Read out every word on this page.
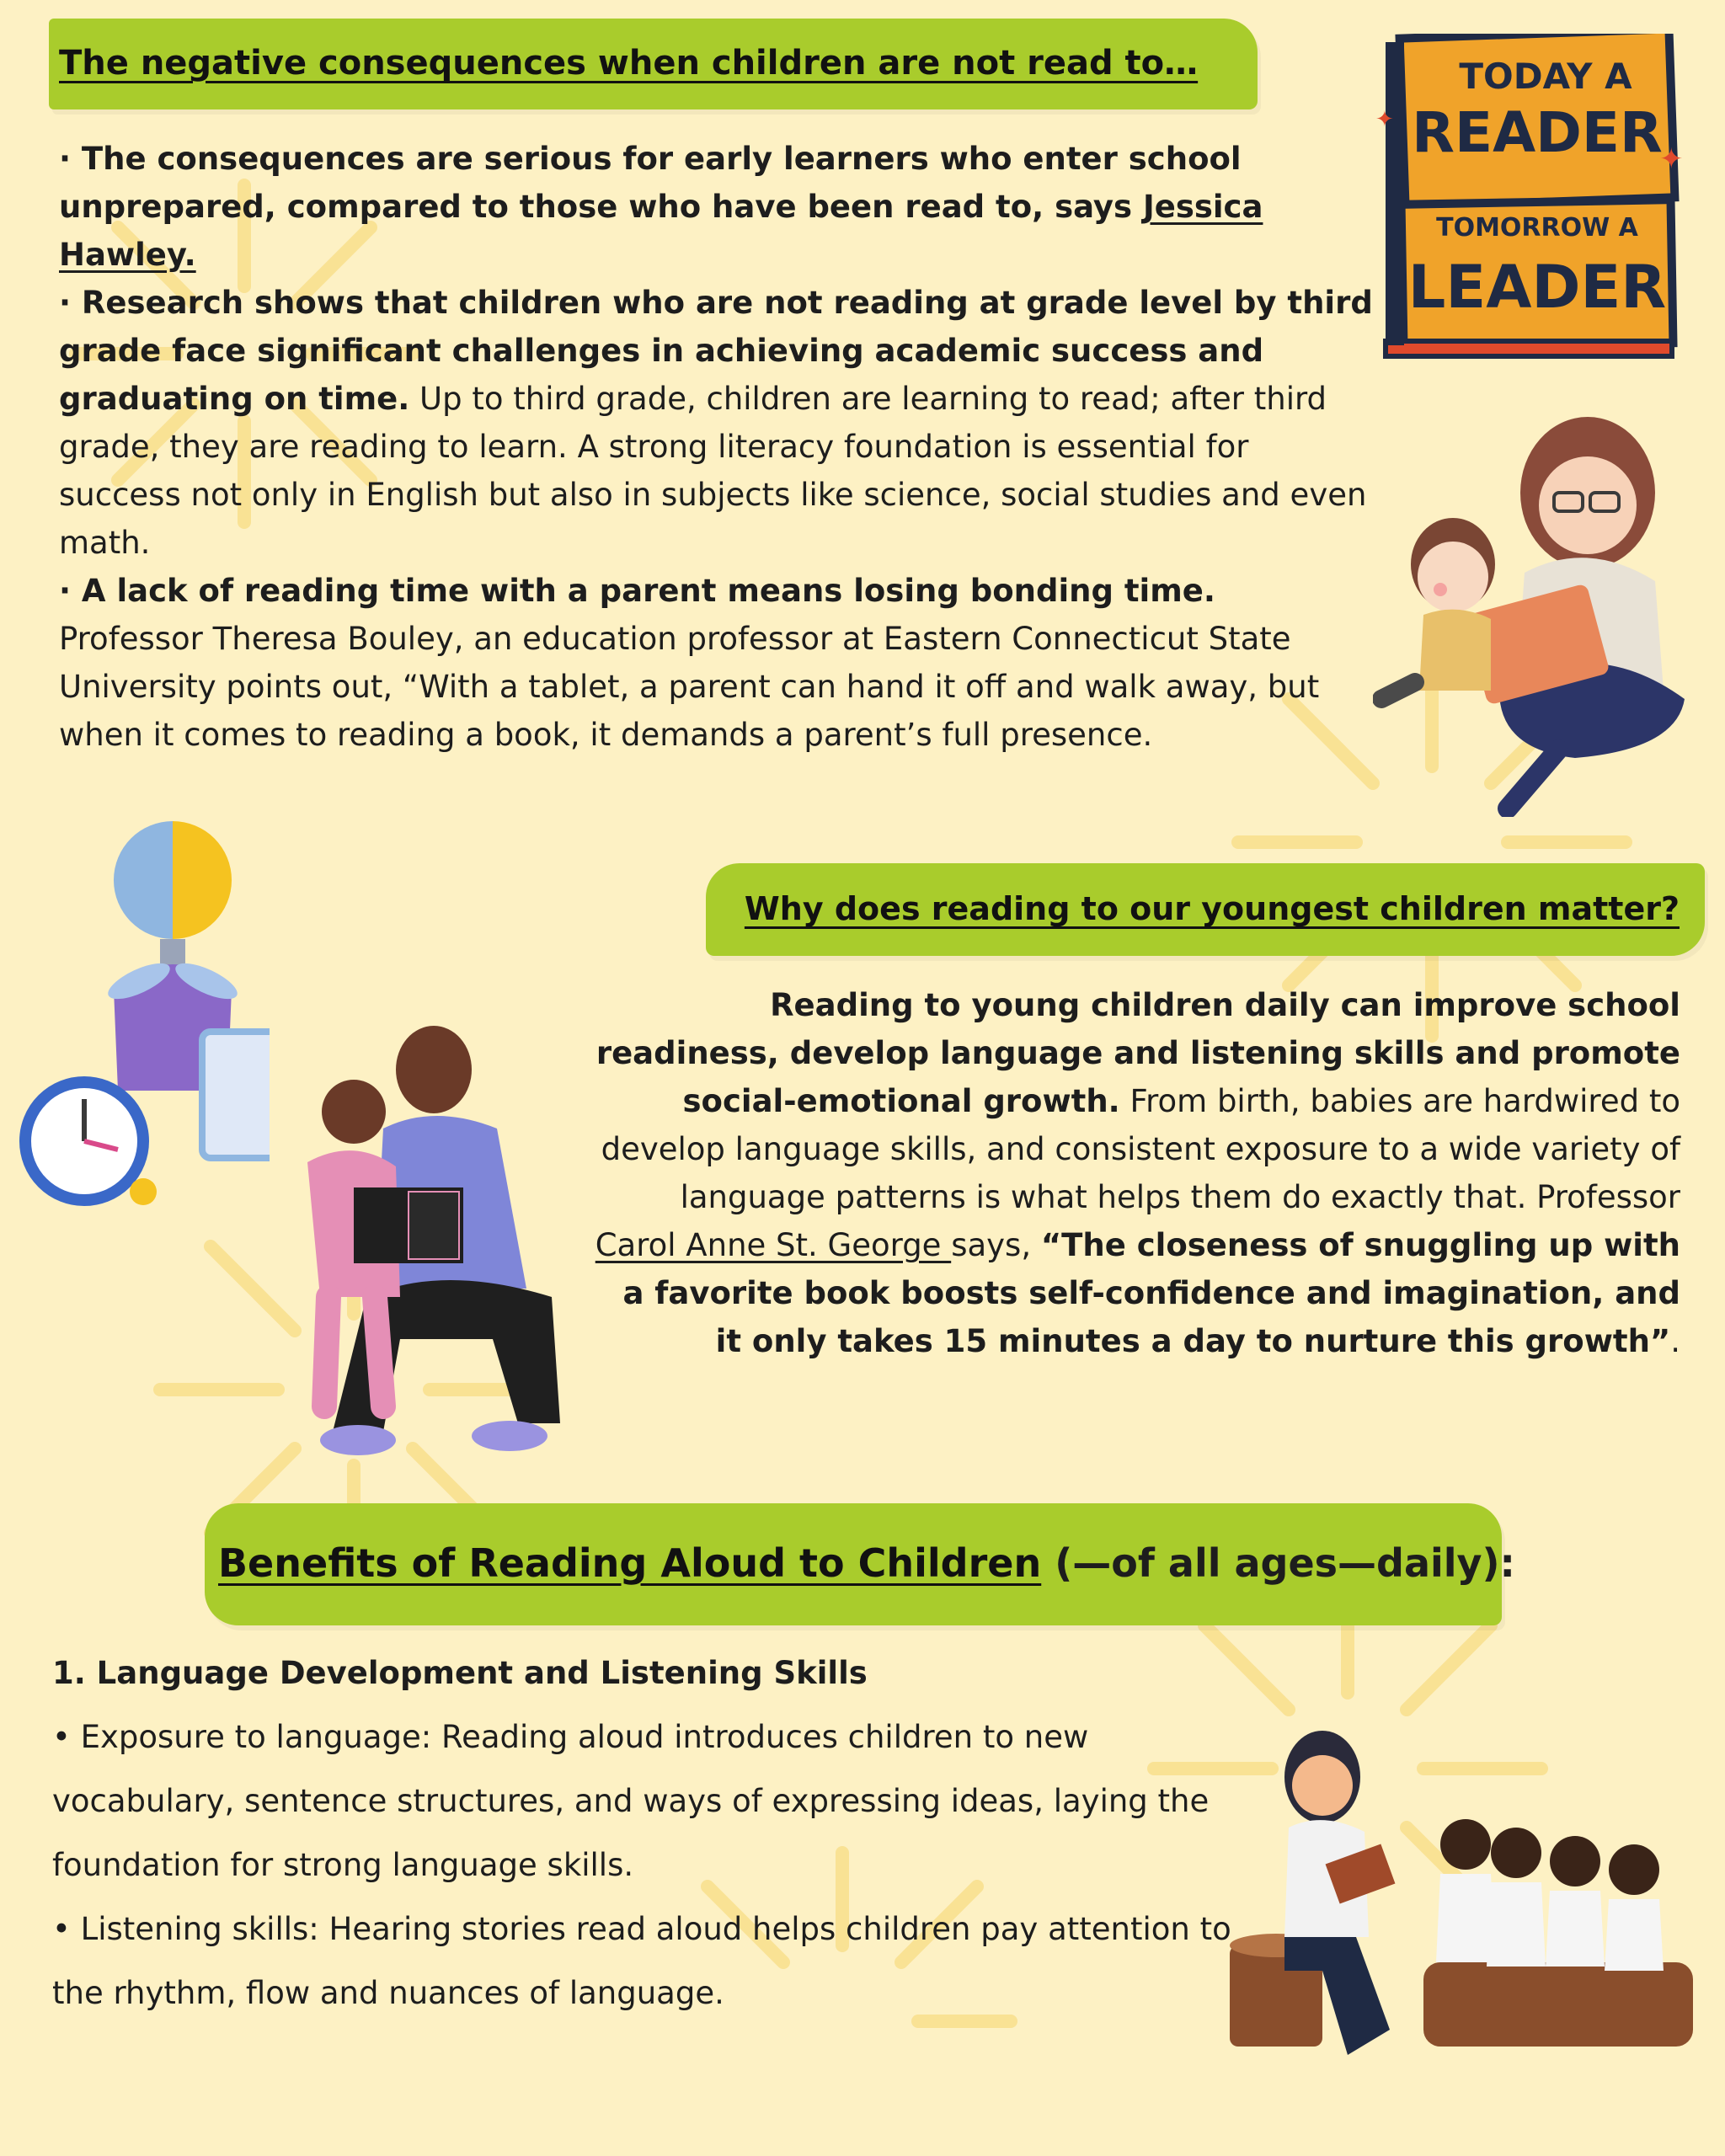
The negative consequences when children are not read to…
· The consequences are serious for early learners who enter school unprepared, compared to those who have been read to, says Jessica Hawley.
· Research shows that children who are not reading at grade level by third grade face significant challenges in achieving academic success and graduating on time. Up to third grade, children are learning to read; after third grade, they are reading to learn. A strong literacy foundation is essential for success not only in English but also in subjects like science, social studies and even math.
· A lack of reading time with a parent means losing bonding time.
Professor Theresa Bouley, an education professor at Eastern Connecticut State University points out, “With a tablet, a parent can hand it off and walk away, but when it comes to reading a book, it demands a parent’s full presence.
TODAY A
READER
TOMORROW A
LEADER
✦
✦
Why does reading to our youngest children matter?
Reading to young children daily can improve school readiness, develop language and listening skills and promote social-emotional growth. From birth, babies are hardwired to develop language skills, and consistent exposure to a wide variety of language patterns is what helps them do exactly that. Professor Carol Anne St. George says, “The closeness of snuggling up with a favorite book boosts self-confidence and imagination, and it only takes 15 minutes a day to nurture this growth”.
Benefits of Reading Aloud to Children (—of all ages—daily):
1. Language Development and Listening Skills
• Exposure to language: Reading aloud introduces children to new vocabulary, sentence structures, and ways of expressing ideas, laying the foundation for strong language skills.
• Listening skills: Hearing stories read aloud helps children pay attention to the rhythm, flow and nuances of language.
